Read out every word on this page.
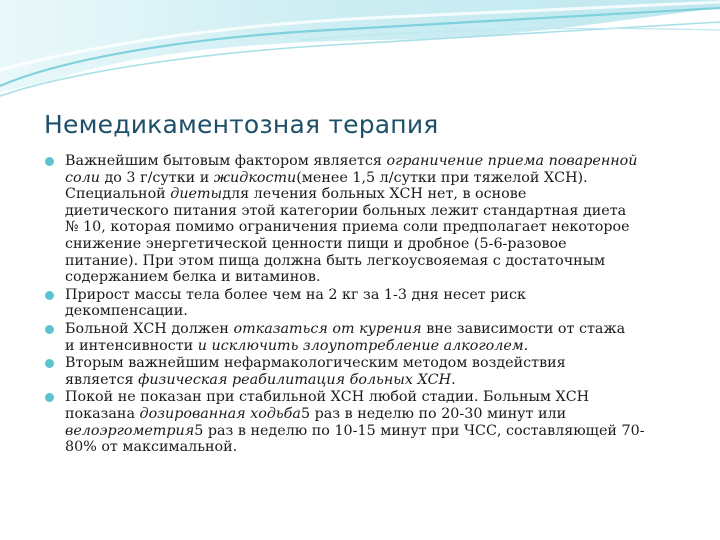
Немедикаментозная терапия
Важнейшим бытовым фактором является ограничение приема поваренной
соли до 3 г/сутки и жидкости(менее 1,5 л/сутки при тяжелой ХСН).
Специальной диетыдля лечения больных ХСН нет, в основе
диетического питания этой категории больных лежит стандартная диета
№ 10, которая помимо ограничения приема соли предполагает некоторое
снижение энергетической ценности пищи и дробное (5-6-разовое
питание). При этом пища должна быть легкоусвояемая с достаточным
содержанием белка и витаминов.
Прирост массы тела более чем на 2 кг за 1-3 дня несет риск
декомпенсации.
Больной ХСН должен отказаться от курения вне зависимости от стажа
и интенсивности и исключить злоупотребление алкоголем.
Вторым важнейшим нефармакологическим методом воздействия
является физическая реабилитация больных ХСН.
Покой не показан при стабильной ХСН любой стадии. Больным ХСН
показана дозированная ходьба5 раз в неделю по 20-30 минут или
велоэргометрия5 раз в неделю по 10-15 минут при ЧСС, составляющей 70-
80% от максимальной.
